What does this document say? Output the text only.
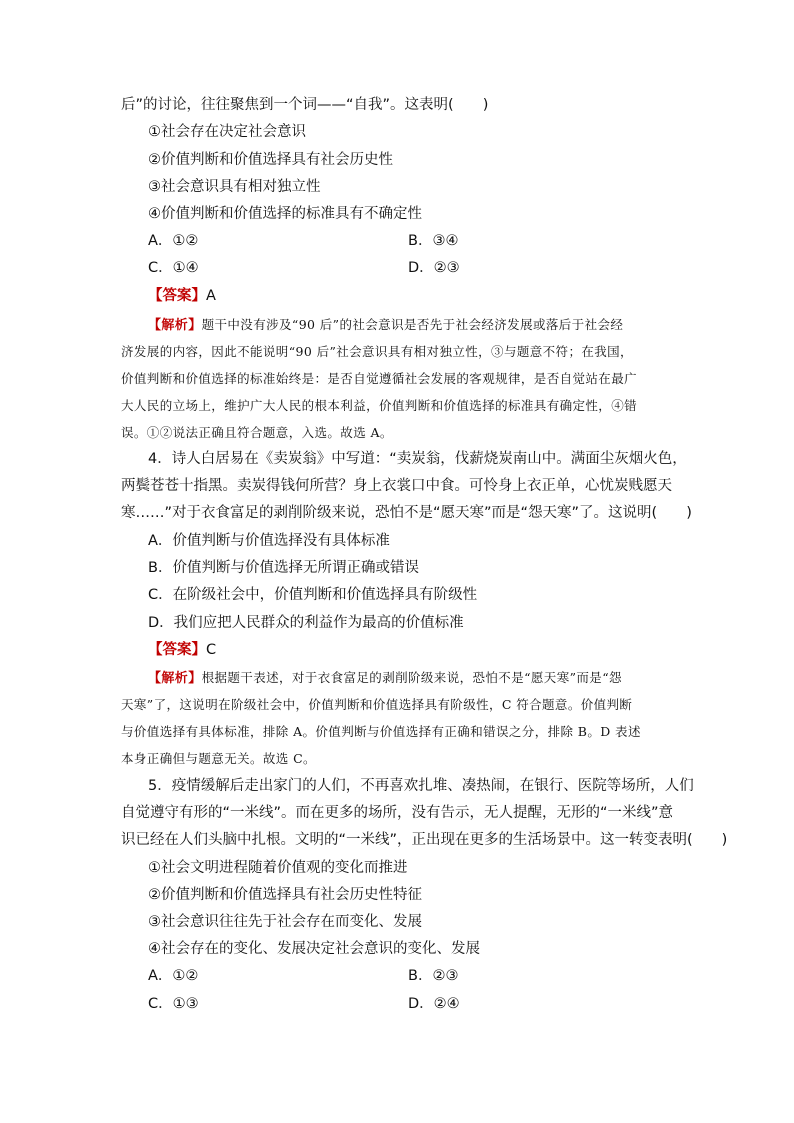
后”的讨论，往往聚焦到一个词——“自我”。这表明(　　)
①社会存在决定社会意识
②价值判断和价值选择具有社会历史性
③社会意识具有相对独立性
④价值判断和价值选择的标准具有不确定性
A．①②	B．③④
C．①④	D．②③
【答案】A
【解析】题干中没有涉及“90 后”的社会意识是否先于社会经济发展或落后于社会经
济发展的内容，因此不能说明“90 后”社会意识具有相对独立性，③与题意不符；在我国，
价值判断和价值选择的标准始终是：是否自觉遵循社会发展的客观规律，是否自觉站在最广
大人民的立场上，维护广大人民的根本利益，价值判断和价值选择的标准具有确定性，④错
误。①②说法正确且符合题意，入选。故选 A。
4．诗人白居易在《卖炭翁》中写道：“卖炭翁，伐薪烧炭南山中。满面尘灰烟火色，
两鬓苍苍十指黑。卖炭得钱何所营？身上衣裳口中食。可怜身上衣正单，心忧炭贱愿天
寒……”对于衣食富足的剥削阶级来说，恐怕不是“愿天寒”而是“怨天寒”了。这说明(　　)
A．价值判断与价值选择没有具体标准
B．价值判断与价值选择无所谓正确或错误
C．在阶级社会中，价值判断和价值选择具有阶级性
D．我们应把人民群众的利益作为最高的价值标准
【答案】C
【解析】根据题干表述，对于衣食富足的剥削阶级来说，恐怕不是“愿天寒”而是“怨
天寒”了，这说明在阶级社会中，价值判断和价值选择具有阶级性，C 符合题意。价值判断
与价值选择有具体标准，排除 A。价值判断与价值选择有正确和错误之分，排除 B。D 表述
本身正确但与题意无关。故选 C。
5．疫情缓解后走出家门的人们，不再喜欢扎堆、凑热闹，在银行、医院等场所，人们
自觉遵守有形的“一米线”。而在更多的场所，没有告示，无人提醒，无形的“一米线”意
识已经在人们头脑中扎根。文明的“一米线”，正出现在更多的生活场景中。这一转变表明(　　)
①社会文明进程随着价值观的变化而推进
②价值判断和价值选择具有社会历史性特征
③社会意识往往先于社会存在而变化、发展
④社会存在的变化、发展决定社会意识的变化、发展
A．①②	B．②③
C．①③	D．②④
